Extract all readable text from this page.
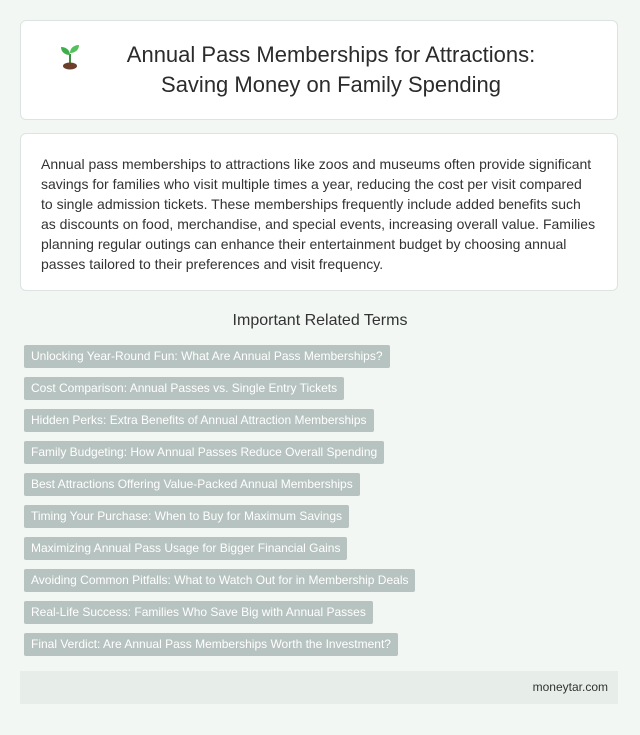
Annual Pass Memberships for Attractions: Saving Money on Family Spending

Annual pass memberships to attractions like zoos and museums often provide significant savings for families who visit multiple times a year, reducing the cost per visit compared to single admission tickets. These memberships frequently include added benefits such as discounts on food, merchandise, and special events, increasing overall value. Families planning regular outings can enhance their entertainment budget by choosing annual passes tailored to their preferences and visit frequency.

Important Related Terms
Unlocking Year-Round Fun: What Are Annual Pass Memberships?
Cost Comparison: Annual Passes vs. Single Entry Tickets
Hidden Perks: Extra Benefits of Annual Attraction Memberships
Family Budgeting: How Annual Passes Reduce Overall Spending
Best Attractions Offering Value-Packed Annual Memberships
Timing Your Purchase: When to Buy for Maximum Savings
Maximizing Annual Pass Usage for Bigger Financial Gains
Avoiding Common Pitfalls: What to Watch Out for in Membership Deals
Real-Life Success: Families Who Save Big with Annual Passes
Final Verdict: Are Annual Pass Memberships Worth the Investment?
moneytar.com
